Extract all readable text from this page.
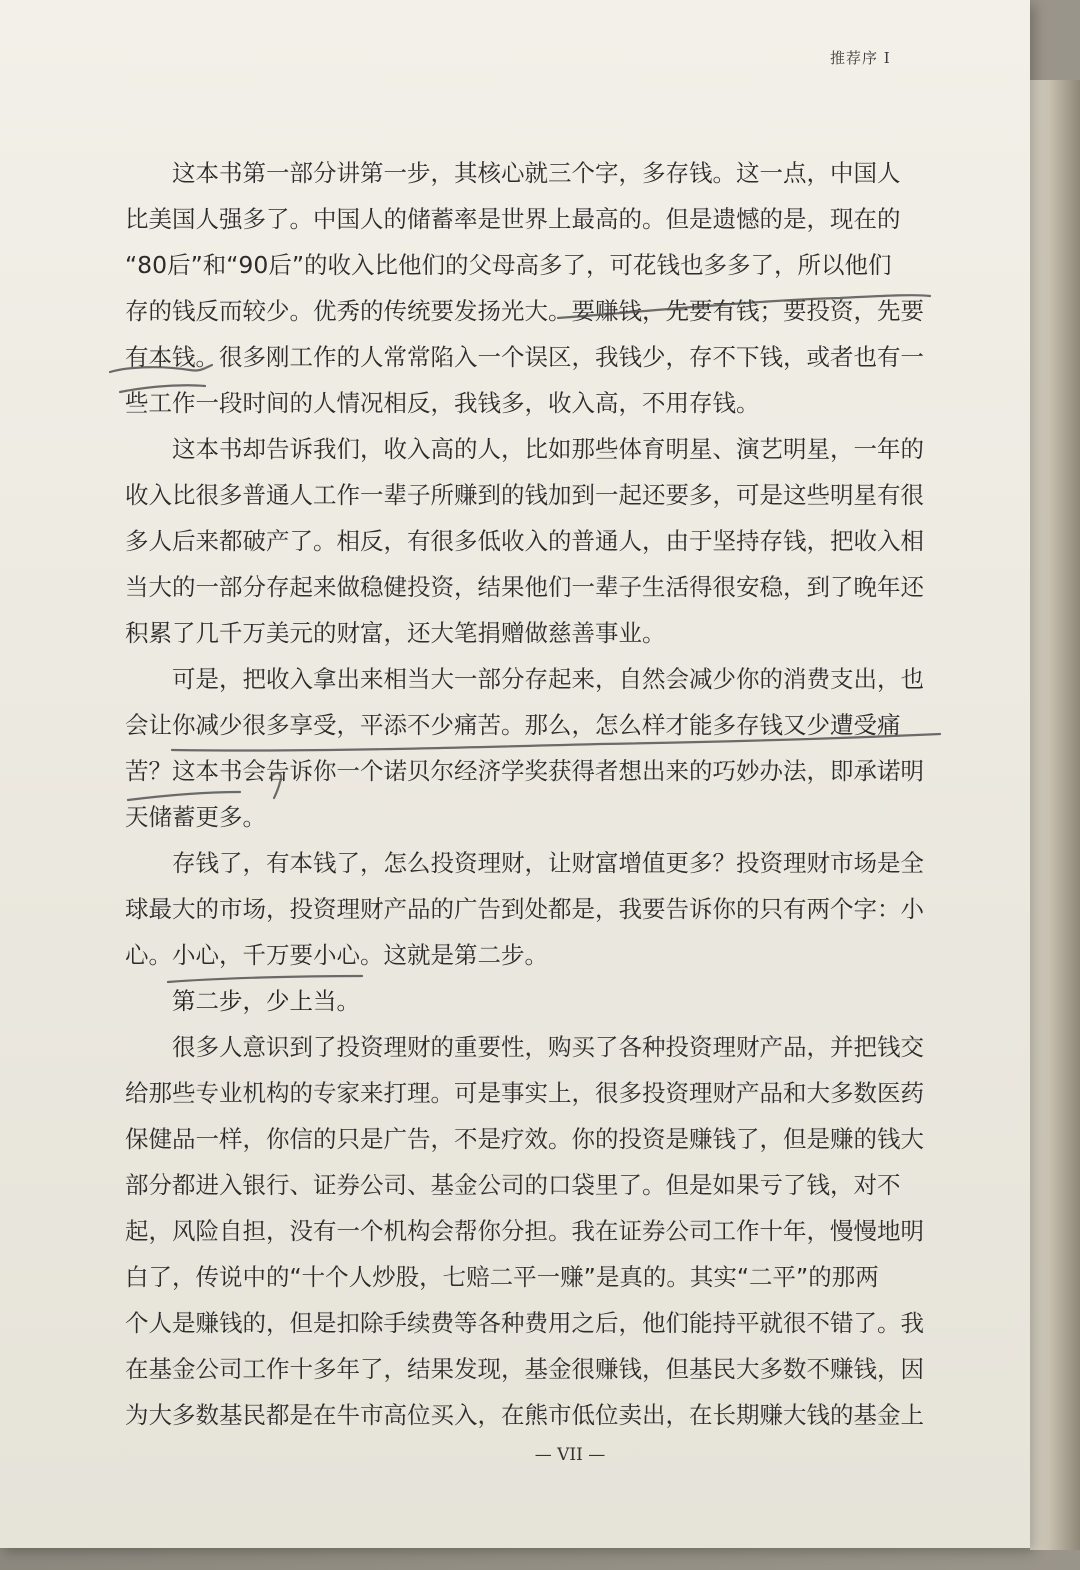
推荐序 I
这本书第一部分讲第一步，其核心就三个字，多存钱。这一点，中国人
比美国人强多了。中国人的储蓄率是世界上最高的。但是遗憾的是，现在的
“80后”和“90后”的收入比他们的父母高多了，可花钱也多多了，所以他们
存的钱反而较少。优秀的传统要发扬光大。要赚钱，先要有钱；要投资，先要
有本钱。很多刚工作的人常常陷入一个误区，我钱少，存不下钱，或者也有一
些工作一段时间的人情况相反，我钱多，收入高，不用存钱。
这本书却告诉我们，收入高的人，比如那些体育明星、演艺明星，一年的
收入比很多普通人工作一辈子所赚到的钱加到一起还要多，可是这些明星有很
多人后来都破产了。相反，有很多低收入的普通人，由于坚持存钱，把收入相
当大的一部分存起来做稳健投资，结果他们一辈子生活得很安稳，到了晚年还
积累了几千万美元的财富，还大笔捐赠做慈善事业。
可是，把收入拿出来相当大一部分存起来，自然会减少你的消费支出，也
会让你减少很多享受，平添不少痛苦。那么，怎么样才能多存钱又少遭受痛
苦？这本书会告诉你一个诺贝尔经济学奖获得者想出来的巧妙办法，即承诺明
天储蓄更多。
存钱了，有本钱了，怎么投资理财，让财富增值更多？投资理财市场是全
球最大的市场，投资理财产品的广告到处都是，我要告诉你的只有两个字：小
心。小心，千万要小心。这就是第二步。
第二步，少上当。
很多人意识到了投资理财的重要性，购买了各种投资理财产品，并把钱交
给那些专业机构的专家来打理。可是事实上，很多投资理财产品和大多数医药
保健品一样，你信的只是广告，不是疗效。你的投资是赚钱了，但是赚的钱大
部分都进入银行、证券公司、基金公司的口袋里了。但是如果亏了钱，对不
起，风险自担，没有一个机构会帮你分担。我在证券公司工作十年，慢慢地明
白了，传说中的“十个人炒股，七赔二平一赚”是真的。其实“二平”的那两
个人是赚钱的，但是扣除手续费等各种费用之后，他们能持平就很不错了。我
在基金公司工作十多年了，结果发现，基金很赚钱，但基民大多数不赚钱，因
为大多数基民都是在牛市高位买入，在熊市低位卖出，在长期赚大钱的基金上
— VII —
